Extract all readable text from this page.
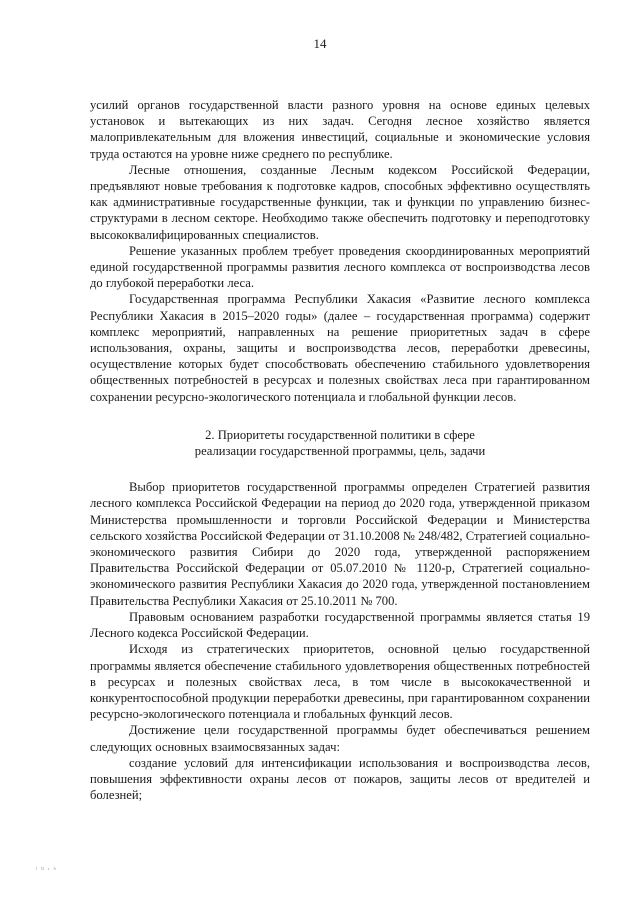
14

усилий органов государственной власти разного уровня на основе единых целевых установок и вытекающих из них задач. Сегодня лесное хозяйство является малопривлекательным для вложения инвестиций, социальные и экономические условия труда остаются на уровне ниже среднего по республике.

Лесные отношения, созданные Лесным кодексом Российской Федерации, предъявляют новые требования к подготовке кадров, способных эффективно осуществлять как административные государственные функции, так и функции по управлению бизнес-структурами в лесном секторе. Необходимо также обеспечить подготовку и переподготовку высококвалифицированных специалистов.

Решение указанных проблем требует проведения скоординированных мероприятий единой государственной программы развития лесного комплекса от воспроизводства лесов до глубокой переработки леса.

Государственная программа Республики Хакасия «Развитие лесного комплекса Республики Хакасия в 2015–2020 годы» (далее – государственная программа) содержит комплекс мероприятий, направленных на решение приоритетных задач в сфере использования, охраны, защиты и воспроизводства лесов, переработки древесины, осуществление которых будет способствовать обеспечению стабильного удовлетворения общественных потребностей в ресурсах и полезных свойствах леса при гарантированном сохранении ресурсно-экологического потенциала и глобальной функции лесов.

2. Приоритеты государственной политики в сфере
реализации государственной программы, цель, задачи

Выбор приоритетов государственной программы определен Стратегией развития лесного комплекса Российской Федерации на период до 2020 года, утвержденной приказом Министерства промышленности и торговли Российской Федерации и Министерства сельского хозяйства Российской Федерации от 31.10.2008 № 248/482, Стратегией социально-экономического развития Сибири до 2020 года, утвержденной распоряжением Правительства Российской Федерации от 05.07.2010 № 1120-р, Стратегией социально-экономического развития Республики Хакасия до 2020 года, утвержденной постановлением Правительства Республики Хакасия от 25.10.2011 № 700.

Правовым основанием разработки государственной программы является статья 19 Лесного кодекса Российской Федерации.

Исходя из стратегических приоритетов, основной целью государственной программы является обеспечение стабильного удовлетворения общественных потребностей в ресурсах и полезных свойствах леса, в том числе в высококачественной и конкурентоспособной продукции переработки древесины, при гарантированном сохранении ресурсно-экологического потенциала и глобальных функций лесов.

Достижение цели государственной программы будет обеспечиваться решением следующих основных взаимосвязанных задач:

создание условий для интенсификации использования и воспроизводства лесов, повышения эффективности охраны лесов от пожаров, защиты лесов от вредителей и болезней;

ᴵ ᴰ ˢ ᴬ
